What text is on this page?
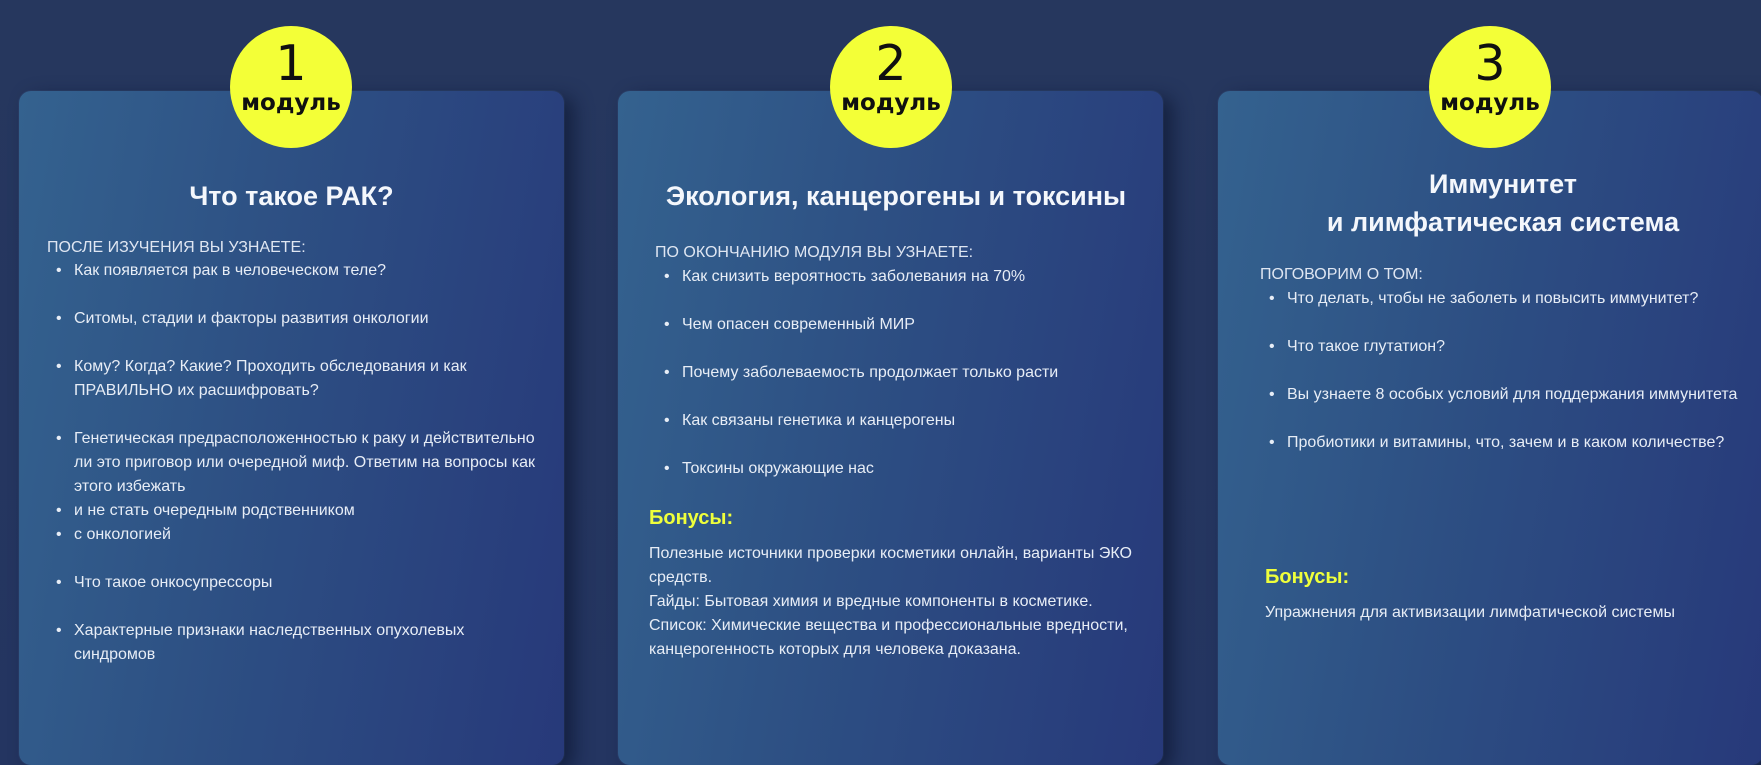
Что такое РАК?

ПОСЛЕ ИЗУЧЕНИЯ ВЫ УЗНАЕТЕ:

• Как появляется рак в человеческом теле?
• Ситомы, стадии и факторы развития онкологии
• Кому? Когда? Какие? Проходить обследования и как ПРАВИЛЬНО их расшифровать?
• Генетическая предрасположенностью к раку и действительно ли это приговор или очередной миф. Ответим на вопросы как этого избежать
• и не стать очередным родственником
• с онкологией
• Что такое онкосупрессоры
• Характерные признаки наследственных опухолевых синдромов
Экология, канцерогены и токсины

ПО ОКОНЧАНИЮ МОДУЛЯ ВЫ УЗНАЕТЕ:

• Как снизить вероятность заболевания на 70%
• Чем опасен современный МИР
• Почему заболеваемость продолжает только расти
• Как связаны генетика и канцерогены
• Токсины окружающие нас
Бонусы:

Полезные источники проверки косметики онлайн, варианты ЭКО средств.
Гайды: Бытовая химия и вредные компоненты в косметике.
Список: Химические вещества и профессиональные вредности, канцерогенность которых для человека доказана.

Иммунитет
и лимфатическая система

ПОГОВОРИМ О ТОМ:

• Что делать, чтобы не заболеть и повысить иммунитет?
• Что такое глутатион?
• Вы узнаете 8 особых условий для поддержания иммунитета
• Пробиотики и витамины, что, зачем и в каком количестве?
Бонусы:

Упражнения для активизации лимфатической системы

1
модуль
2
модуль
3
модуль
